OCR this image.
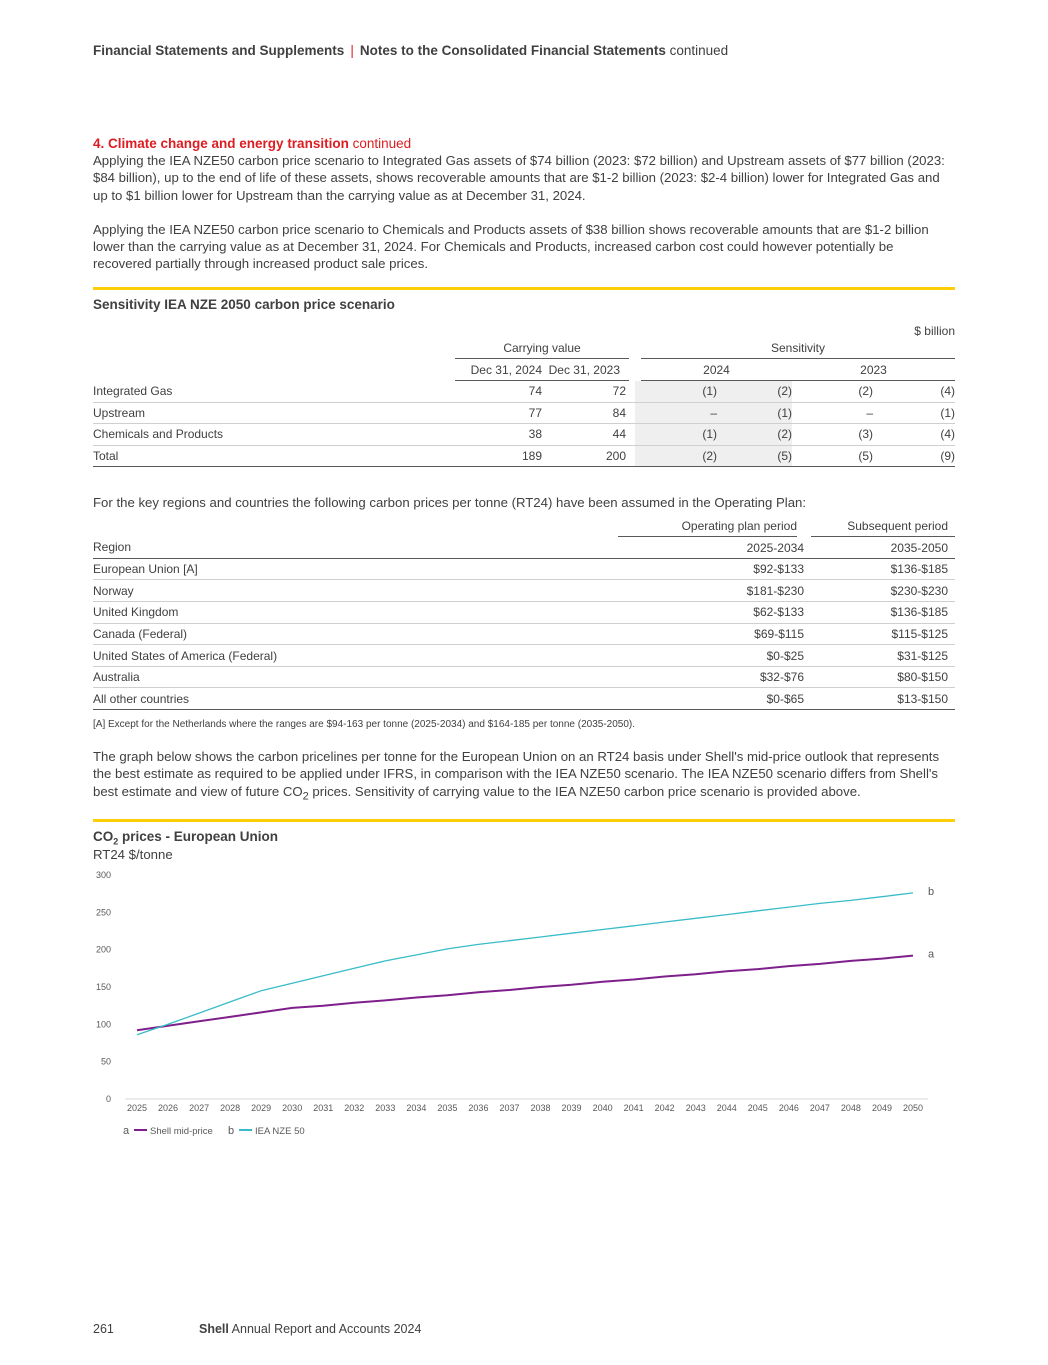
Financial Statements and Supplements | Notes to the Consolidated Financial Statements continued
4. Climate change and energy transition continued

Applying the IEA NZE50 carbon price scenario to Integrated Gas assets of $74 billion (2023: $72 billion) and Upstream assets of $77 billion (2023: $84 billion), up to the end of life of these assets, shows recoverable amounts that are $1-2 billion (2023: $2-4 billion) lower for Integrated Gas and up to $1 billion lower for Upstream than the carrying value as at December 31, 2024.

Applying the IEA NZE50 carbon price scenario to Chemicals and Products assets of $38 billion shows recoverable amounts that are $1-2 billion lower than the carrying value as at December 31, 2024. For Chemicals and Products, increased carbon cost could however potentially be recovered partially through increased product sale prices.

Sensitivity IEA NZE 2050 carbon price scenario
$ billion
	Carrying value		Sensitivity			
	Dec 31, 2024	Dec 31, 2023	2024		2023	
Integrated Gas	74	72	(1)	(2)	(2)	(4)
Upstream	77	84	–	(1)	–	(1)
Chemicals and Products	38	44	(1)	(2)	(3)	(4)
Total	189	200	(2)	(5)	(5)	(9)

For the key regions and countries the following carbon prices per tonne (RT24) have been assumed in the Operating Plan:

	Operating plan period	Subsequent period
Region	2025-2034	2035-2050
European Union [A]	$92-$133	$136-$185
Norway	$181-$230	$230-$230
United Kingdom	$62-$133	$136-$185
Canada (Federal)	$69-$115	$115-$125
United States of America (Federal)	$0-$25	$31-$125
Australia	$32-$76	$80-$150
All other countries	$0-$65	$13-$150
[A] Except for the Netherlands where the ranges are $94-163 per tonne (2025-2034) and $164-185 per tonne (2035-2050).

The graph below shows the carbon pricelines per tonne for the European Union on an RT24 basis under Shell's mid-price outlook that represents the best estimate as required to be applied under IFRS, in comparison with the IEA NZE50 scenario. The IEA NZE50 scenario differs from Shell's best estimate and view of future $CO_2$ prices. Sensitivity of carrying value to the IEA NZE50 carbon price scenario is provided above.

$CO_2$ prices - European Union
RT24 $/tonne
0
50
100
150
200
250
300
2025 2026 2027 2028 2029 2030 2031 2032 2033 2034 2035 2036 2037 2038 2039 2040 2041 2042 2043 2044 2045 2046 2047 2048 2049 2050
a
b
a Shell mid-price b IEA NZE 50
261	Shell Annual Report and Accounts 2024
